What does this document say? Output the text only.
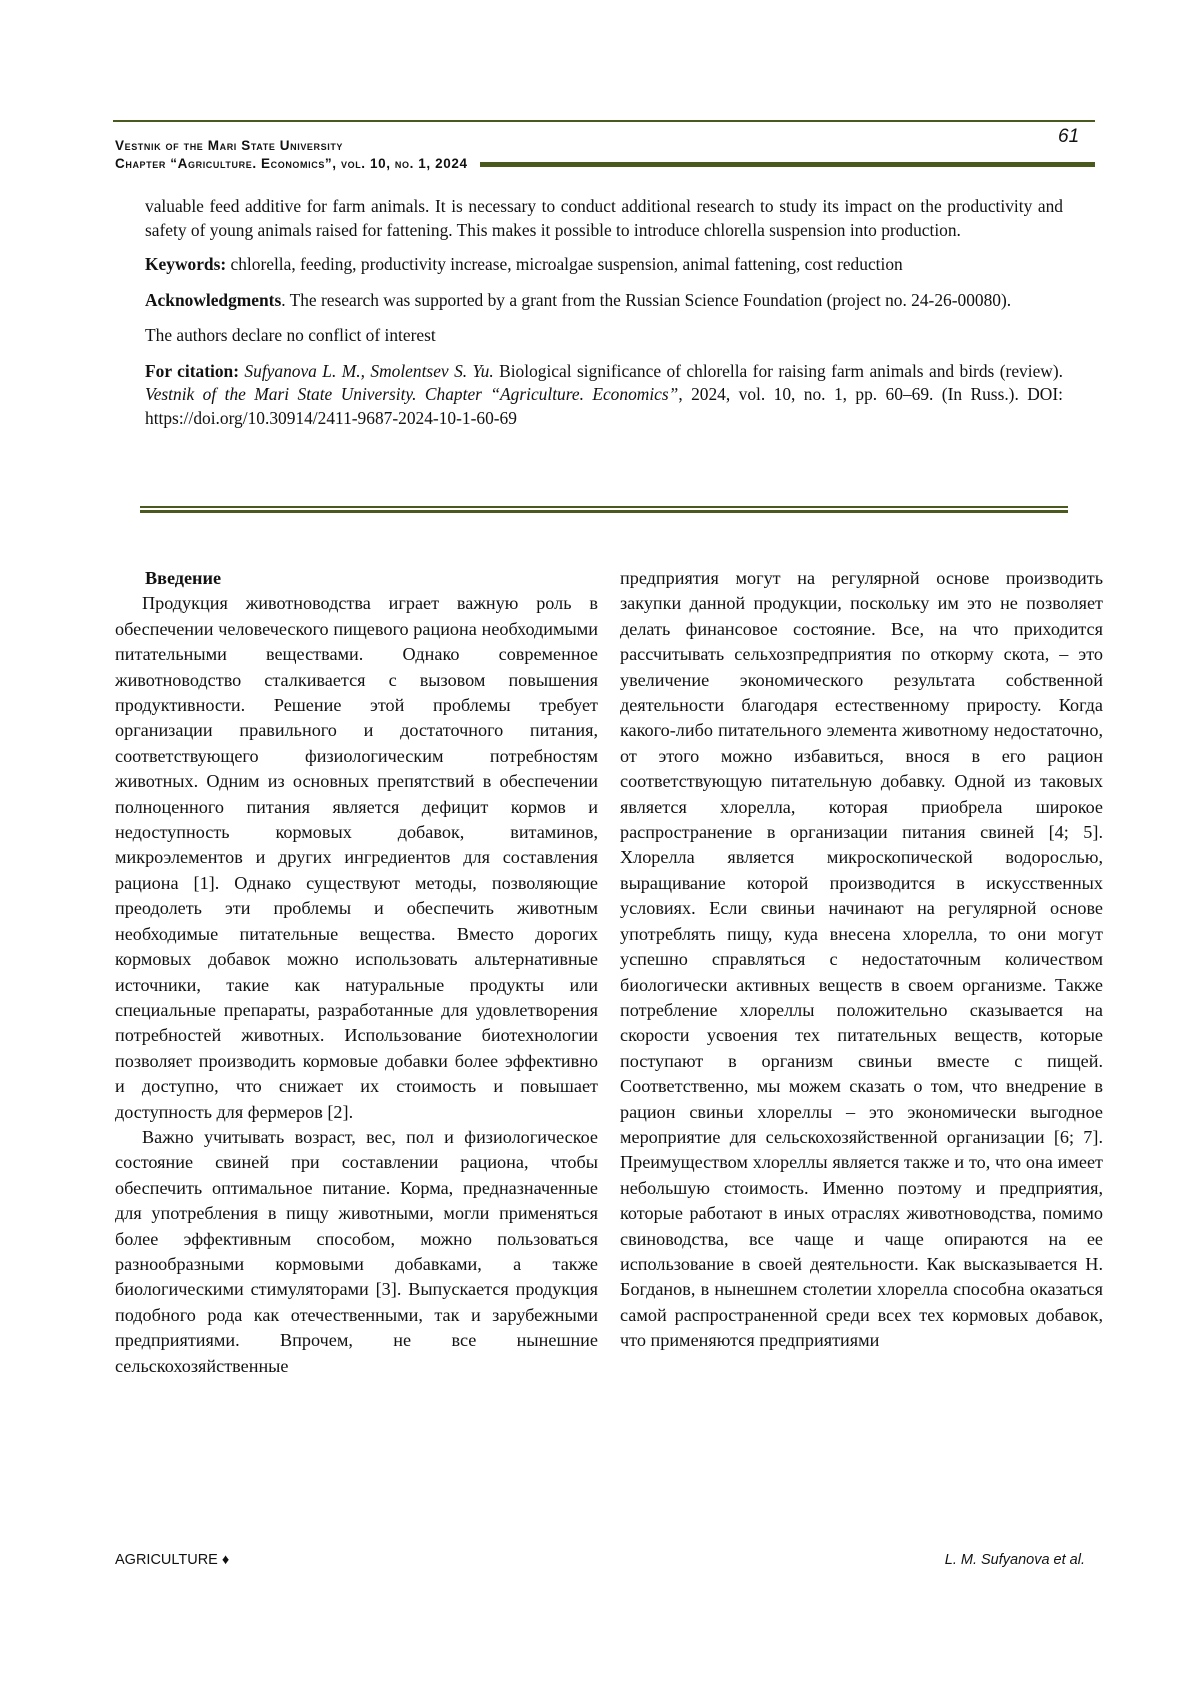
Vestnik of the Mari State University
Chapter “Agriculture. Economics”, vol. 10, no. 1, 2024
61

valuable feed additive for farm animals. It is necessary to conduct additional research to study its impact on the productivity and safety of young animals raised for fattening. This makes it possible to introduce chlorella suspension into production.

Keywords: chlorella, feeding, productivity increase, microalgae suspension, animal fattening, cost reduction

Acknowledgments. The research was supported by a grant from the Russian Science Foundation (project no. 24-26-00080).

The authors declare no conflict of interest

For citation: Sufyanova L. M., Smolentsev S. Yu. Biological significance of chlorella for raising farm animals and birds (review). Vestnik of the Mari State University. Chapter “Agriculture. Economics”, 2024, vol. 10, no. 1, pp. 60–69. (In Russ.). DOI: https://doi.org/10.30914/2411-9687-2024-10-1-60-69

Введение

Продукция животноводства играет важную роль в обеспечении человеческого пищевого рациона необходимыми питательными веществами. Однако современное животноводство сталкивается с вызовом повышения продуктивности. Решение этой проблемы требует организации правильного и достаточного питания, соответствующего физиологическим потребностям животных. Одним из основных препятствий в обеспечении полноценного питания является дефицит кормов и недоступность кормовых добавок, витаминов, микроэлементов и других ингредиентов для составления рациона [1]. Однако существуют методы, позволяющие преодолеть эти проблемы и обеспечить животным необходимые питательные вещества. Вместо дорогих кормовых добавок можно использовать альтернативные источники, такие как натуральные продукты или специальные препараты, разработанные для удовлетворения потребностей животных. Использование биотехнологии позволяет производить кормовые добавки более эффективно и доступно, что снижает их стоимость и повышает доступность для фермеров [2].

Важно учитывать возраст, вес, пол и физиологическое состояние свиней при составлении рациона, чтобы обеспечить оптимальное питание. Корма, предназначенные для употребления в пищу животными, могли применяться более эффективным способом, можно пользоваться разнообразными кормовыми добавками, а также биологическими стимуляторами [3]. Выпускается продукция подобного рода как отечественными, так и зарубежными предприятиями. Впрочем, не все нынешние сельскохозяйственные

предприятия могут на регулярной основе производить закупки данной продукции, поскольку им это не позволяет делать финансовое состояние. Все, на что приходится рассчитывать сельхозпредприятия по откорму скота, – это увеличение экономического результата собственной деятельности благодаря естественному приросту. Когда какого-либо питательного элемента животному недостаточно, от этого можно избавиться, внося в его рацион соответствующую питательную добавку. Одной из таковых является хлорелла, которая приобрела широкое распространение в организации питания свиней [4; 5]. Хлорелла является микроскопической водорослью, выращивание которой производится в искусственных условиях. Если свиньи начинают на регулярной основе употреблять пищу, куда внесена хлорелла, то они могут успешно справляться с недостаточным количеством биологически активных веществ в своем организме. Также потребление хлореллы положительно сказывается на скорости усвоения тех питательных веществ, которые поступают в организм свиньи вместе с пищей. Соответственно, мы можем сказать о том, что внедрение в рацион свиньи хлореллы – это экономически выгодное мероприятие для сельскохозяйственной организации [6; 7]. Преимуществом хлореллы является также и то, что она имеет небольшую стоимость. Именно поэтому и предприятия, которые работают в иных отраслях животноводства, помимо свиноводства, все чаще и чаще опираются на ее использование в своей деятельности. Как высказывается Н. Богданов, в нынешнем столетии хлорелла способна оказаться самой распространенной среди всех тех кормовых добавок, что применяются предприятиями

AGRICULTURE ♦	L. M. Sufyanova et al.
